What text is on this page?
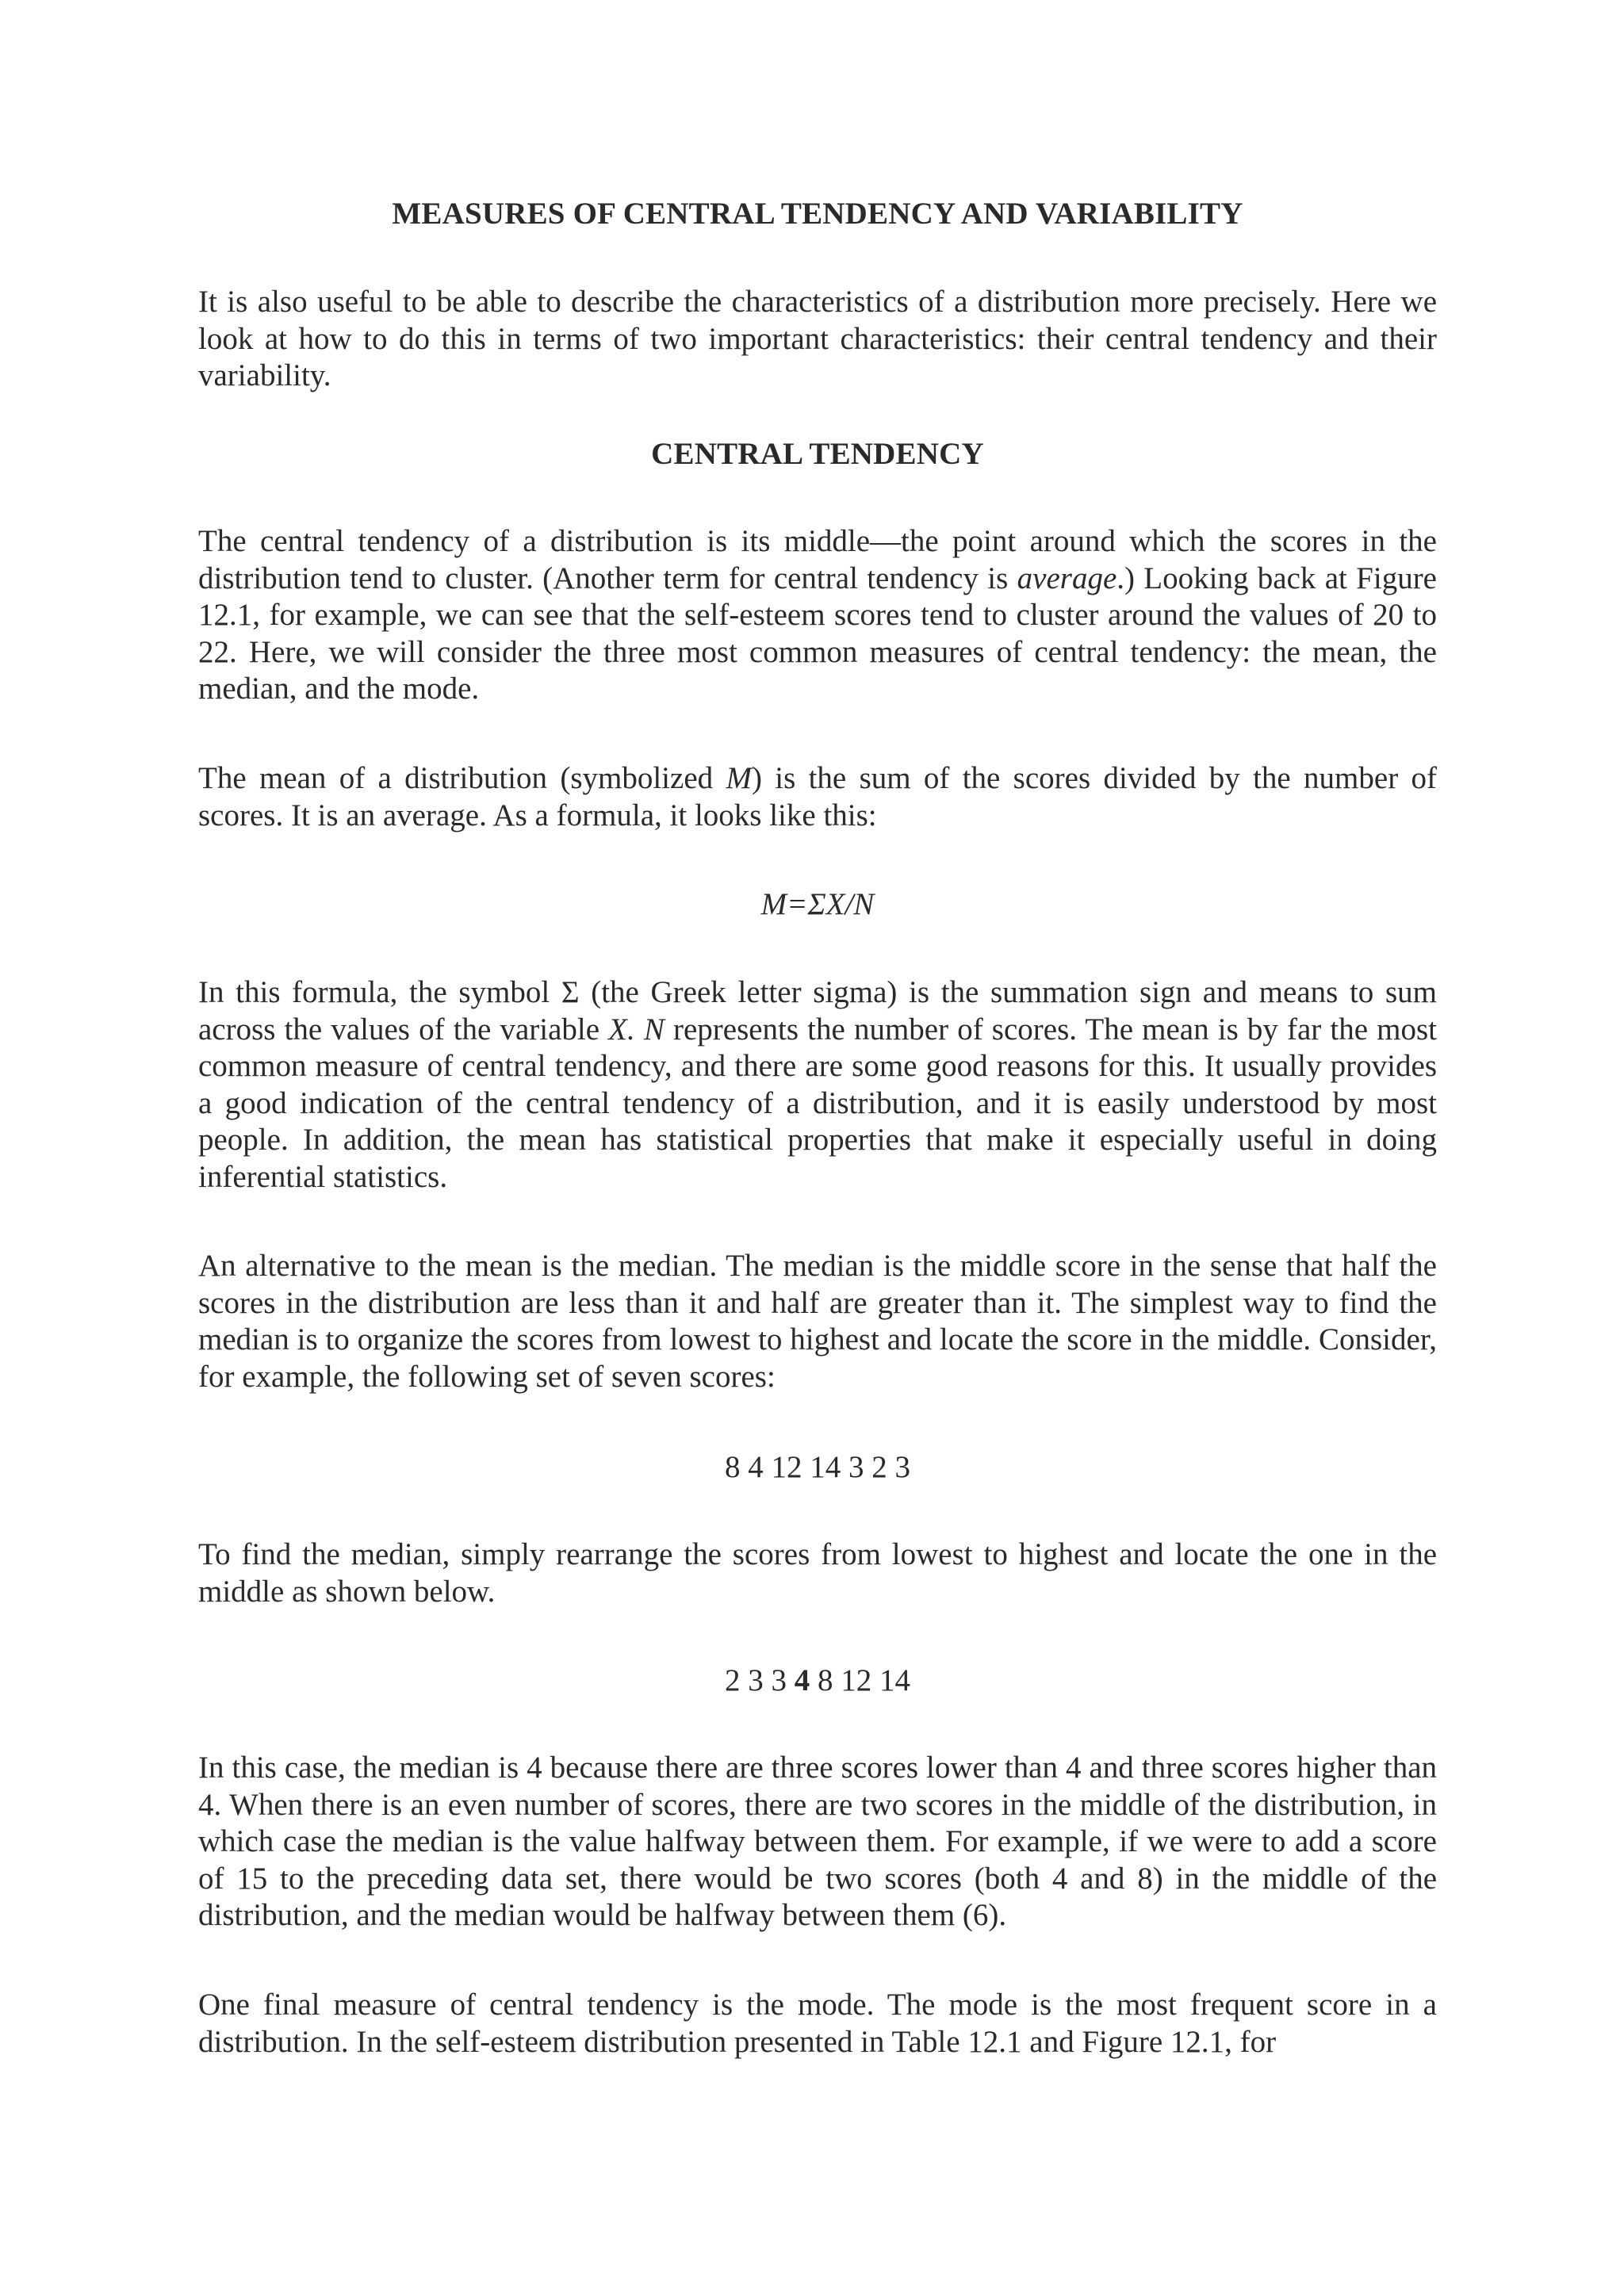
MEASURES OF CENTRAL TENDENCY AND VARIABILITY

It is also useful to be able to describe the characteristics of a distribution more precisely. Here we look at how to do this in terms of two important characteristics: their central tendency and their variability.

CENTRAL TENDENCY

The central tendency of a distribution is its middle—the point around which the scores in the distribution tend to cluster. (Another term for central tendency is average.) Looking back at Figure 12.1, for example, we can see that the self-esteem scores tend to cluster around the values of 20 to 22. Here, we will consider the three most common measures of central tendency: the mean, the median, and the mode.

The mean of a distribution (symbolized M) is the sum of the scores divided by the number of scores. It is an average. As a formula, it looks like this:

M=ΣX/N

In this formula, the symbol Σ (the Greek letter sigma) is the summation sign and means to sum across the values of the variable X. N represents the number of scores. The mean is by far the most common measure of central tendency, and there are some good reasons for this. It usually provides a good indication of the central tendency of a distribution, and it is easily understood by most people. In addition, the mean has statistical properties that make it especially useful in doing inferential statistics.

An alternative to the mean is the median. The median is the middle score in the sense that half the scores in the distribution are less than it and half are greater than it. The simplest way to find the median is to organize the scores from lowest to highest and locate the score in the middle. Consider, for example, the following set of seven scores:

8 4 12 14 3 2 3

To find the median, simply rearrange the scores from lowest to highest and locate the one in the middle as shown below.

2 3 3 4 8 12 14

In this case, the median is 4 because there are three scores lower than 4 and three scores higher than 4. When there is an even number of scores, there are two scores in the middle of the distribution, in which case the median is the value halfway between them. For example, if we were to add a score of 15 to the preceding data set, there would be two scores (both 4 and 8) in the middle of the distribution, and the median would be halfway between them (6).

One final measure of central tendency is the mode. The mode is the most frequent score in a distribution. In the self-esteem distribution presented in Table 12.1 and Figure 12.1, for
